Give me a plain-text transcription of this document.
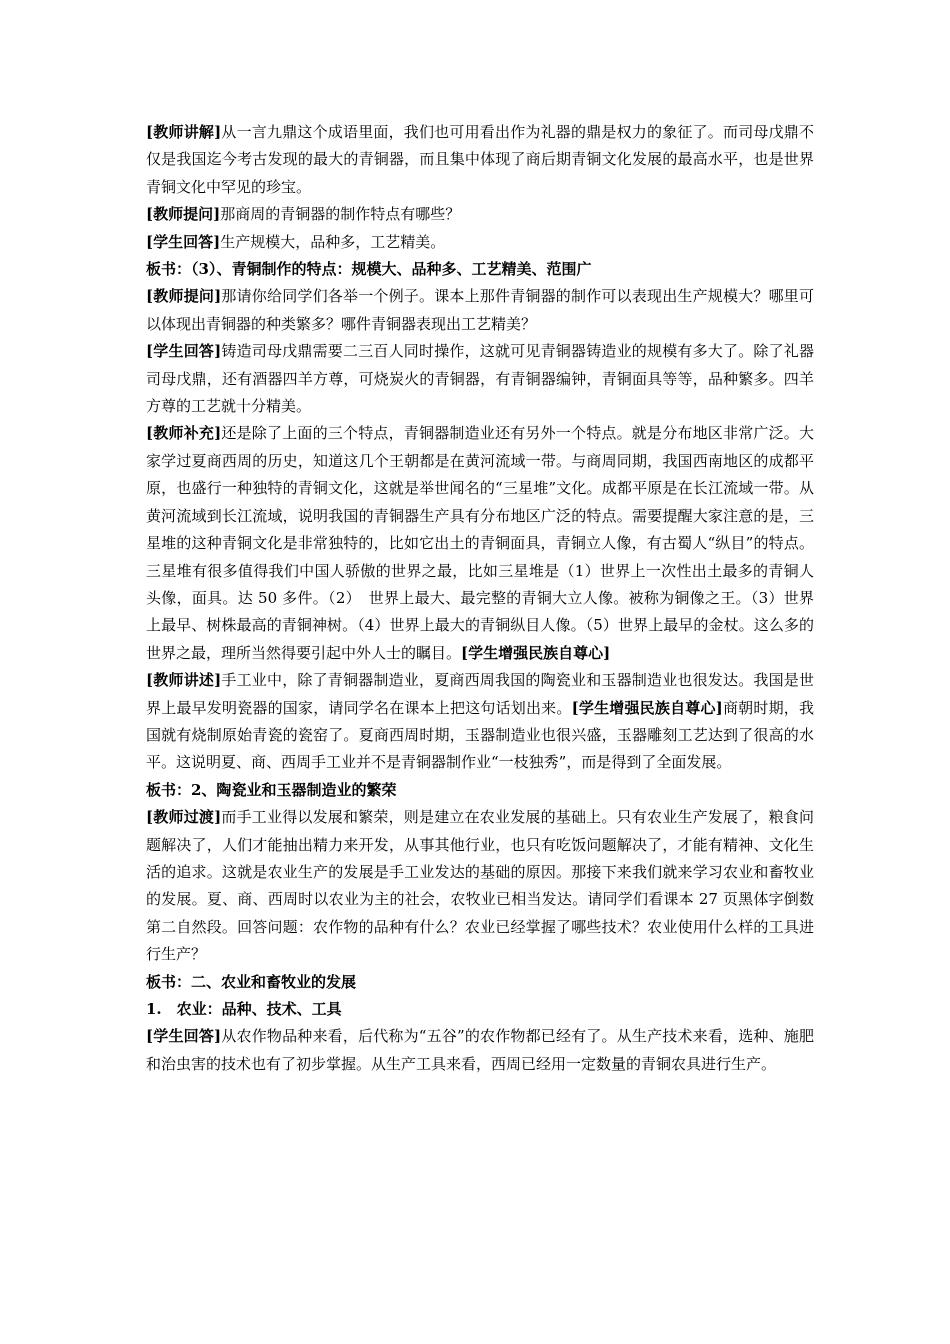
[教师讲解]从一言九鼎这个成语里面，我们也可用看出作为礼器的鼎是权力的象征了。而司母戊鼎不仅是我国迄今考古发现的最大的青铜器，而且集中体现了商后期青铜文化发展的最高水平，也是世界青铜文化中罕见的珍宝。

[教师提问]那商周的青铜器的制作特点有哪些？

[学生回答]生产规模大，品种多，工艺精美。

板书：（3）、青铜制作的特点：规模大、品种多、工艺精美、范围广

[教师提问]那请你给同学们各举一个例子。课本上那件青铜器的制作可以表现出生产规模大？哪里可以体现出青铜器的种类繁多？哪件青铜器表现出工艺精美？

[学生回答]铸造司母戊鼎需要二三百人同时操作，这就可见青铜器铸造业的规模有多大了。除了礼器司母戊鼎，还有酒器四羊方尊，可烧炭火的青铜器，有青铜器编钟，青铜面具等等，品种繁多。四羊方尊的工艺就十分精美。

[教师补充]还是除了上面的三个特点，青铜器制造业还有另外一个特点。就是分布地区非常广泛。大家学过夏商西周的历史，知道这几个王朝都是在黄河流域一带。与商周同期，我国西南地区的成都平原，也盛行一种独特的青铜文化，这就是举世闻名的“三星堆”文化。成都平原是在长江流域一带。从黄河流域到长江流域，说明我国的青铜器生产具有分布地区广泛的特点。需要提醒大家注意的是，三星堆的这种青铜文化是非常独特的，比如它出土的青铜面具，青铜立人像，有古蜀人“纵目”的特点。三星堆有很多值得我们中国人骄傲的世界之最，比如三星堆是（1）世界上一次性出土最多的青铜人头像，面具。达 50 多件。（2）　世界上最大、最完整的青铜大立人像。被称为铜像之王。（3）世界上最早、树株最高的青铜神树。（4）世界上最大的青铜纵目人像。（5）世界上最早的金杖。这么多的世界之最，理所当然得要引起中外人士的瞩目。[学生增强民族自尊心]

[教师讲述]手工业中，除了青铜器制造业，夏商西周我国的陶瓷业和玉器制造业也很发达。我国是世界上最早发明瓷器的国家，请同学名在课本上把这句话划出来。[学生增强民族自尊心]商朝时期，我国就有烧制原始青瓷的瓷窑了。夏商西周时期，玉器制造业也很兴盛，玉器雕刻工艺达到了很高的水平。这说明夏、商、西周手工业并不是青铜器制作业“一枝独秀”，而是得到了全面发展。

板书：2、陶瓷业和玉器制造业的繁荣

[教师过渡]而手工业得以发展和繁荣，则是建立在农业发展的基础上。只有农业生产发展了，粮食问题解决了，人们才能抽出精力来开发，从事其他行业，也只有吃饭问题解决了，才能有精神、文化生活的追求。这就是农业生产的发展是手工业发达的基础的原因。那接下来我们就来学习农业和畜牧业的发展。夏、商、西周时以农业为主的社会，农牧业已相当发达。请同学们看课本 27 页黑体字倒数第二自然段。回答问题：农作物的品种有什么？农业已经掌握了哪些技术？农业使用什么样的工具进行生产？

板书：二、农业和畜牧业的发展

1.　农业：品种、技术、工具

[学生回答]从农作物品种来看，后代称为“五谷”的农作物都已经有了。从生产技术来看，选种、施肥和治虫害的技术也有了初步掌握。从生产工具来看，西周已经用一定数量的青铜农具进行生产。
